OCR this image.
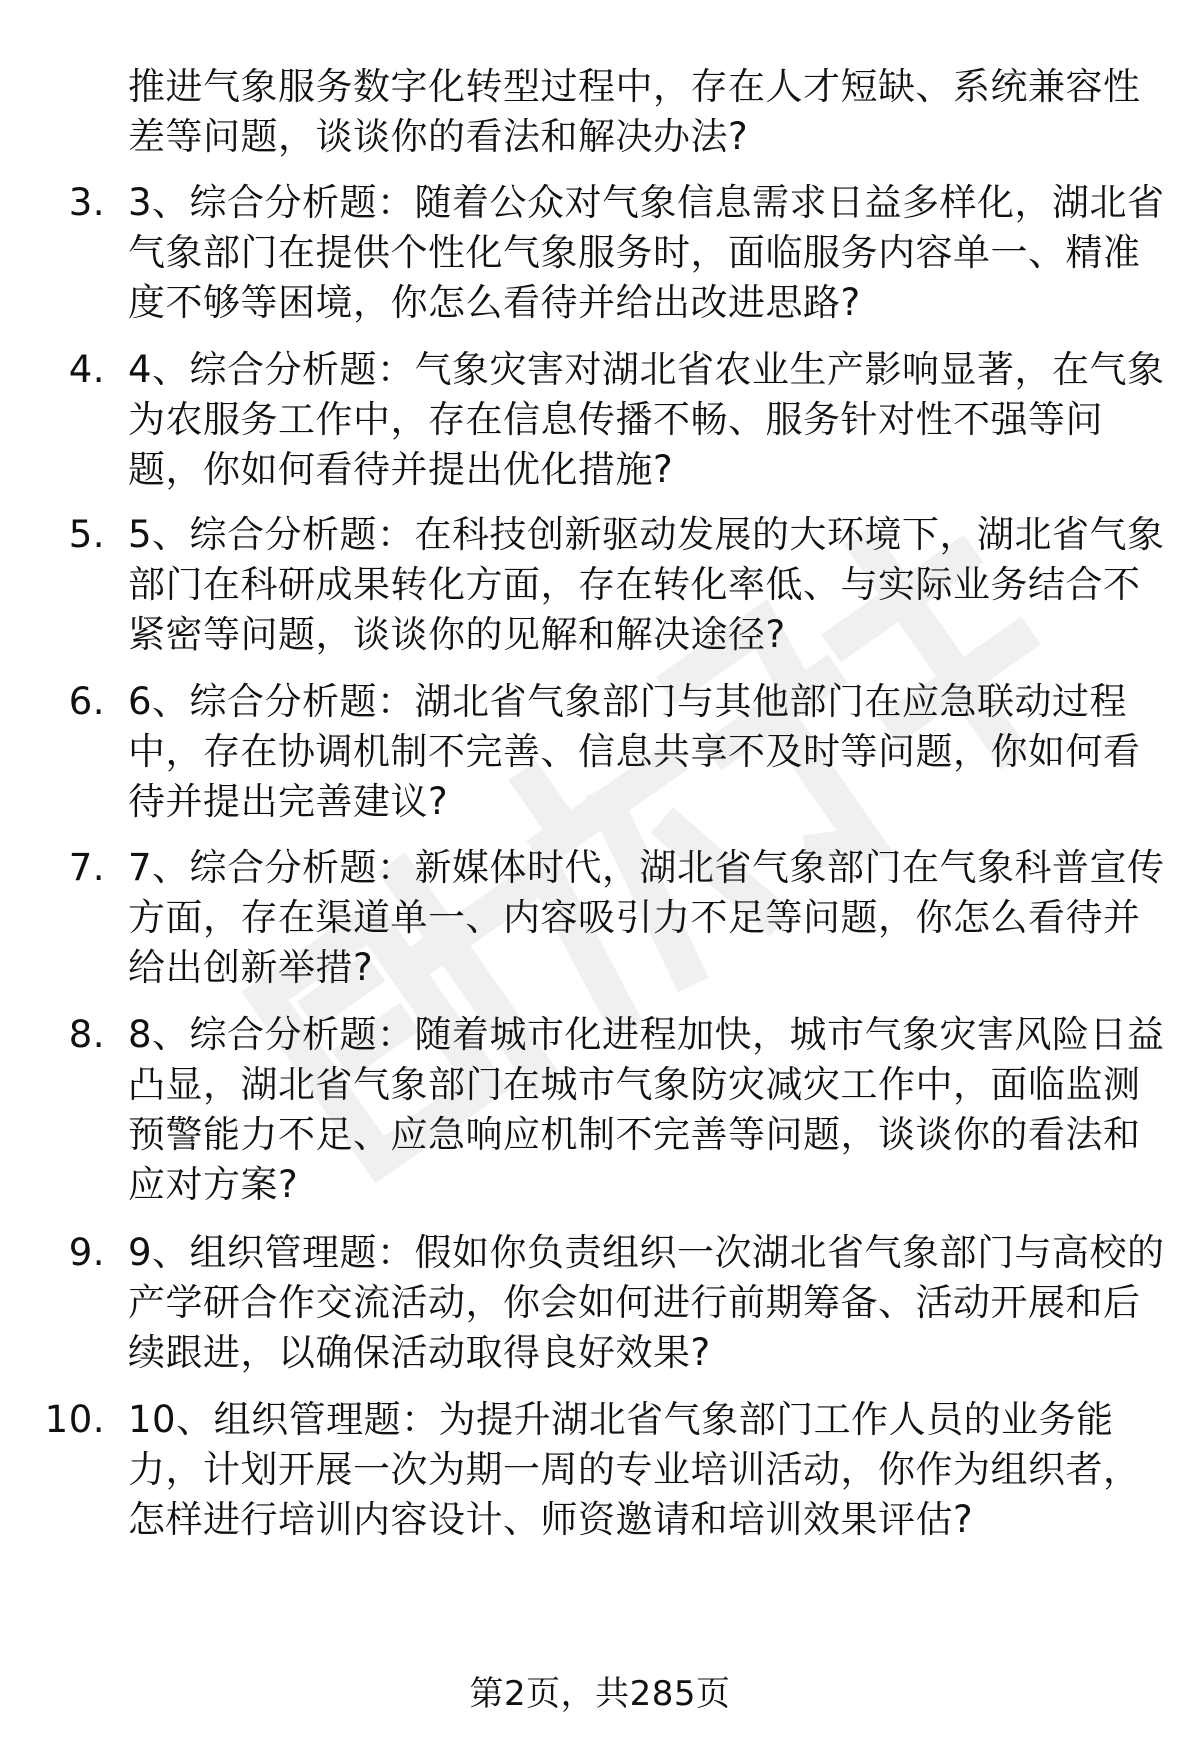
推进气象服务数字化转型过程中，存在人才短缺、系统兼容性差等问题，谈谈你的看法和解决办法?
3. 3、综合分析题：随着公众对气象信息需求日益多样化，湖北省气象部门在提供个性化气象服务时，面临服务内容单一、精准度不够等困境，你怎么看待并给出改进思路?
4. 4、综合分析题：气象灾害对湖北省农业生产影响显著，在气象为农服务工作中，存在信息传播不畅、服务针对性不强等问题，你如何看待并提出优化措施?
5. 5、综合分析题：在科技创新驱动发展的大环境下，湖北省气象部门在科研成果转化方面，存在转化率低、与实际业务结合不紧密等问题，谈谈你的见解和解决途径?
6. 6、综合分析题：湖北省气象部门与其他部门在应急联动过程中，存在协调机制不完善、信息共享不及时等问题，你如何看待并提出完善建议?
7. 7、综合分析题：新媒体时代，湖北省气象部门在气象科普宣传方面，存在渠道单一、内容吸引力不足等问题，你怎么看待并给出创新举措?
8. 8、综合分析题：随着城市化进程加快，城市气象灾害风险日益凸显，湖北省气象部门在城市气象防灾减灾工作中，面临监测预警能力不足、应急响应机制不完善等问题，谈谈你的看法和应对方案?
9. 9、组织管理题：假如你负责组织一次湖北省气象部门与高校的产学研合作交流活动，你会如何进行前期筹备、活动开展和后续跟进，以确保活动取得良好效果?
10. 10、组织管理题：为提升湖北省气象部门工作人员的业务能力，计划开展一次为期一周的专业培训活动，你作为组织者，怎样进行培训内容设计、师资邀请和培训效果评估?
第2页，共285页
